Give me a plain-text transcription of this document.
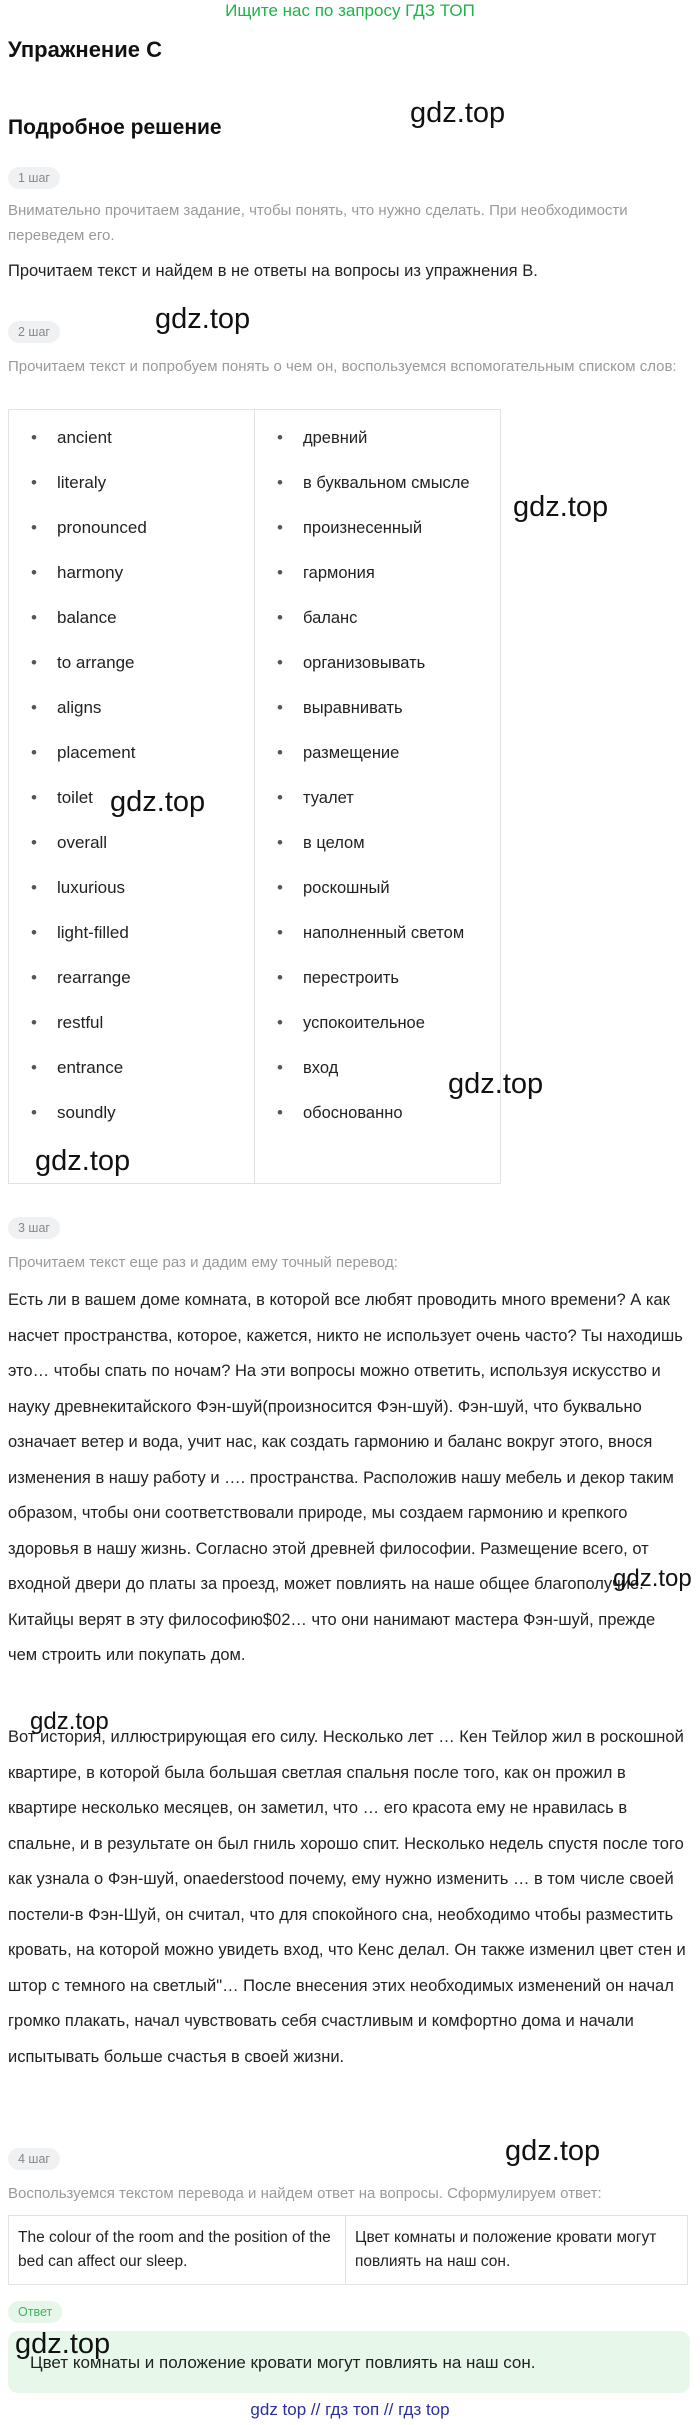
Ищите нас по запросу ГДЗ ТОП
Упражнение C
Подробное решение
1 шаг
Внимательно прочитаем задание, чтобы понять, что нужно сделать. При необходимости переведем его.
Прочитаем текст и найдем в не ответы на вопросы из упражнения B.
2 шаг
Прочитаем текст и попробуем понять о чем он, воспользуемся вспомогательным списком слов:
• ancient
• literaly
• pronounced
• harmony
• balance
• to arrange
• aligns
• placement
• toilet
• overall
• luxurious
• light-filled
• rearrange
• restful
• entrance
• soundly
• древний
• в буквальном смысле
• произнесенный
• гармония
• баланс
• организовывать
• выравнивать
• размещение
• туалет
• в целом
• роскошный
• наполненный светом
• перестроить
• успокоительное
• вход
• обоснованно
3 шаг
Прочитаем текст еще раз и дадим ему точный перевод:
Есть ли в вашем доме комната, в которой все любят проводить много времени? А как насчет пространства, которое, кажется, никто не использует очень часто? Ты находишь это… чтобы спать по ночам? На эти вопросы можно ответить, используя искусство и науку древнекитайского Фэн-шуй(произносится Фэн-шуй). Фэн-шуй, что буквально означает ветер и вода, учит нас, как создать гармонию и баланс вокруг этого, внося изменения в нашу работу и …. пространства. Расположив нашу мебель и декор таким образом, чтобы они соответствовали природе, мы создаем гармонию и крепкого здоровья в нашу жизнь. Согласно этой древней философии. Размещение всего, от входной двери до платы за проезд, может повлиять на наше общее благополучие. Китайцы верят в эту философию$02… что они нанимают мастера Фэн-шуй, прежде чем строить или покупать дом.
Вот история, иллюстрирующая его силу. Несколько лет … Кен Тейлор жил в роскошной квартире, в которой была большая светлая спальня после того, как он прожил в квартире несколько месяцев, он заметил, что … его красота ему не нравилась в спальне, и в результате он был гниль хорошо спит. Несколько недель спустя после того как узнала о Фэн-шуй, onaederstood почему, ему нужно изменить … в том числе своей постели-в Фэн-Шуй, он считал, что для спокойного сна, необходимо чтобы разместить кровать, на которой можно увидеть вход, что Кенс делал. Он также изменил цвет стен и штор с темного на светлый"… После внесения этих необходимых изменений он начал громко плакать, начал чувствовать себя счастливым и комфортно дома и начали испытывать больше счастья в своей жизни.
4 шаг
Воспользуемся текстом перевода и найдем ответ на вопросы. Сформулируем ответ:
The colour of the room and the position of the bed can affect our sleep.
Цвет комнаты и положение кровати могут повлиять на наш сон.
Ответ
Цвет комнаты и положение кровати могут повлиять на наш сон.
gdz.top
gdz.top
gdz.top
gdz.top
gdz.top
gdz.top
gdz.top
gdz.top
gdz.top
gdz.top
gdz top // гдз топ // гдз top
